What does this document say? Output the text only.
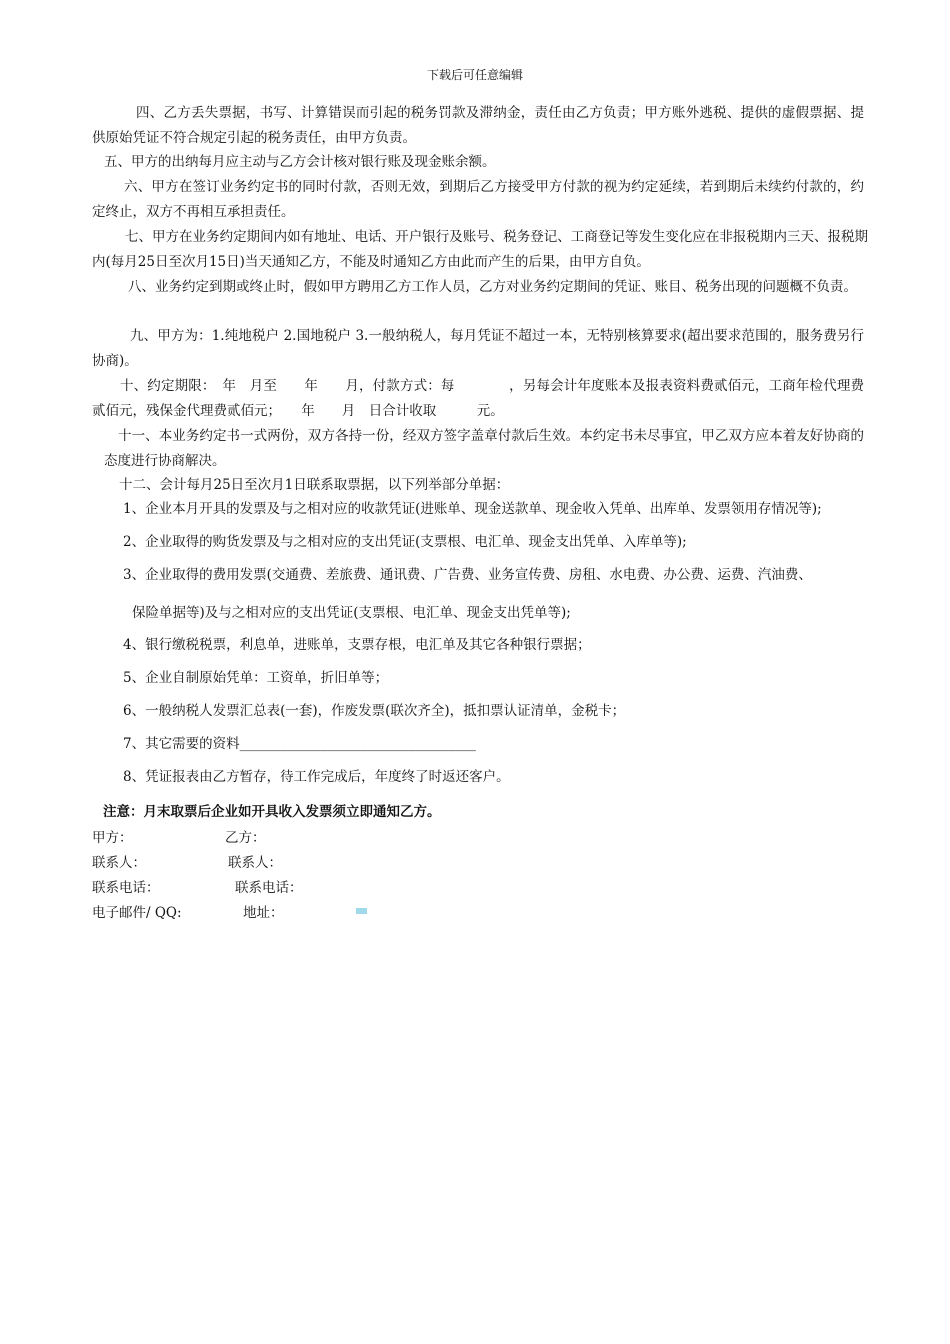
下载后可任意编辑
四、乙方丢失票据，书写、计算错误而引起的税务罚款及滞纳金，责任由乙方负责；甲方账外逃税、提供的虚假票据、提供原始凭证不符合规定引起的税务责任，由甲方负责。
五、甲方的出纳每月应主动与乙方会计核对银行账及现金账余额。
六、甲方在签订业务约定书的同时付款，否则无效，到期后乙方接受甲方付款的视为约定延续，若到期后未续约付款的，约定终止，双方不再相互承担责任。
七、甲方在业务约定期间内如有地址、电话、开户银行及账号、税务登记、工商登记等发生变化应在非报税期内三天、报税期内(每月25日至次月15日)当天通知乙方，不能及时通知乙方由此而产生的后果，由甲方自负。
八、业务约定到期或终止时，假如甲方聘用乙方工作人员，乙方对业务约定期间的凭证、账目、税务出现的问题概不负责。
九、甲方为：1.纯地税户 2.国地税户 3.一般纳税人，每月凭证不超过一本，无特别核算要求(超出要求范围的，服务费另行协商)。
十、约定期限：　年　月至　　年　　月，付款方式：每　　　　，另每会计年度账本及报表资料费贰佰元，工商年检代理费贰佰元，残保金代理费贰佰元；　　年　　月　日合计收取　　　元。
十一、本业务约定书一式两份，双方各持一份，经双方签字盖章付款后生效。本约定书未尽事宜，甲乙双方应本着友好协商的态度进行协商解决。
十二、会计每月25日至次月1日联系取票据，以下列举部分单据：
1、企业本月开具的发票及与之相对应的收款凭证(进账单、现金送款单、现金收入凭单、出库单、发票领用存情况等);
2、企业取得的购货发票及与之相对应的支出凭证(支票根、电汇单、现金支出凭单、入库单等);
3、企业取得的费用发票(交通费、差旅费、通讯费、广告费、业务宣传费、房租、水电费、办公费、运费、汽油费、
保险单据等)及与之相对应的支出凭证(支票根、电汇单、现金支出凭单等);
4、银行缴税税票，利息单，进账单，支票存根，电汇单及其它各种银行票据；
5、企业自制原始凭单：工资单，折旧单等；
6、一般纳税人发票汇总表(一套)，作废发票(联次齐全)，抵扣票认证清单，金税卡；
7、其它需要的资料___________________________________
8、凭证报表由乙方暂存，待工作完成后，年度终了时返还客户。
注意：月末取票后企业如开具收入发票须立即通知乙方。
甲方：	乙方：
联系人：	联系人：
联系电话：	联系电话：
电子邮件/ QQ:	地址：
